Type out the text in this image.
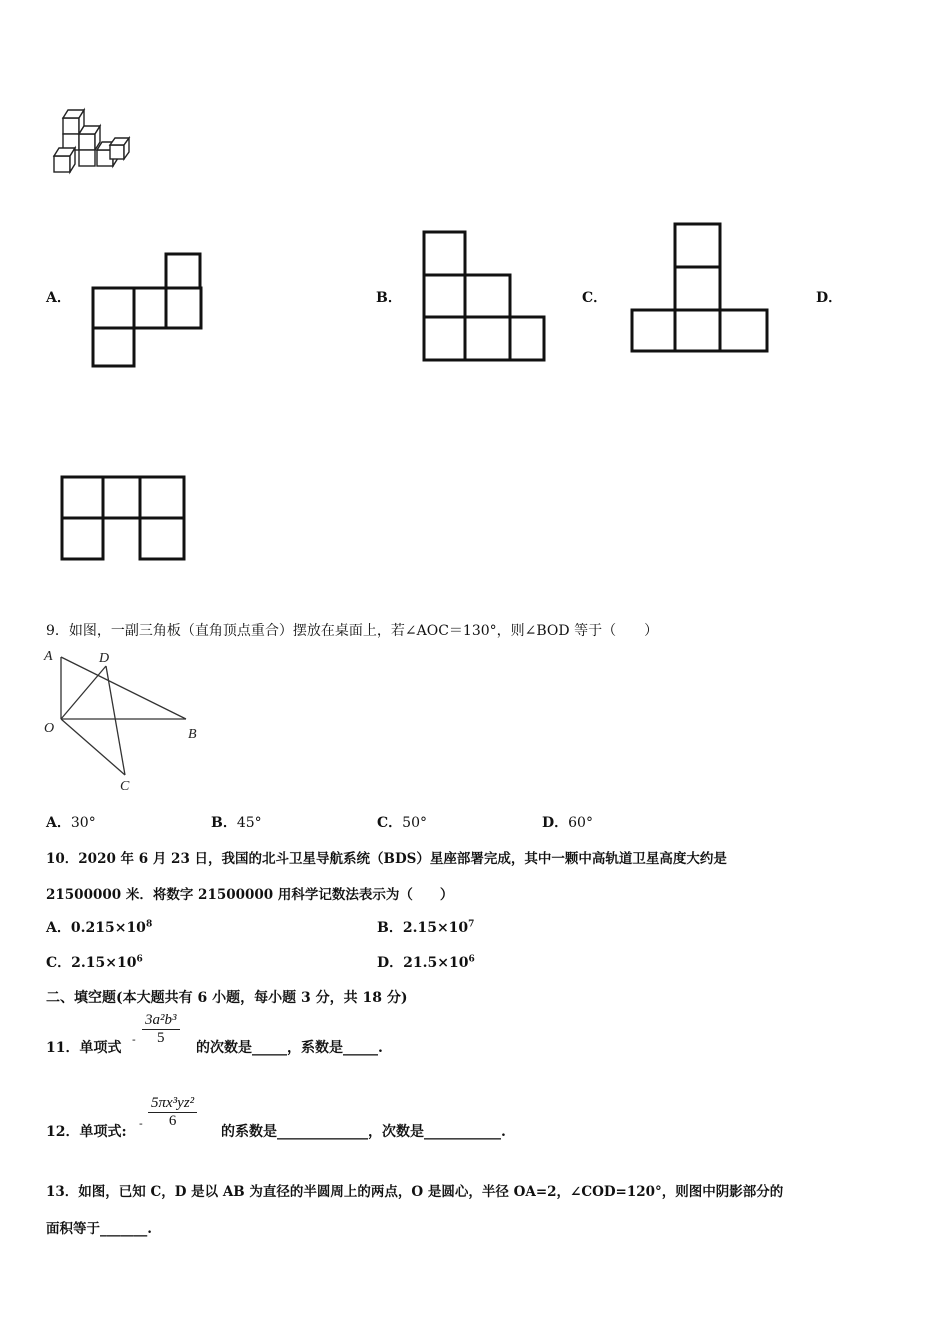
A．	B．	C．	D．
9．如图，一副三角板（直角顶点重合）摆放在桌面上，若∠AOC＝130°，则∠BOD 等于（　　）
A	D
O	B
C
A．30°	B．45°	C．50°	D．60°
10．2020 年 6 月 23 日，我国的北斗卫星导航系统（BDS）星座部署完成，其中一颗中高轨道卫星高度大约是
21500000 米．将数字 21500000 用科学记数法表示为（　　）
A．$0.215\times 10^8$	B．$2.15\times 10^7$
C．$2.15\times 10^6$	D．$21.5\times 10^6$
二、填空题(本大题共有 6 小题，每小题 3 分，共 18 分)
11．单项式
- $\frac{\text{3a²b³}}{5}$
的次数是_____，系数是_____.
12．单项式:
- $\frac{\text{5πx³yz²}}{6}$
的系数是_____________，次数是___________.
13．如图，已知 C，D 是以 AB 为直径的半圆周上的两点，O 是圆心，半径 OA=2，∠COD=120°，则图中阴影部分的
面积等于_______.
